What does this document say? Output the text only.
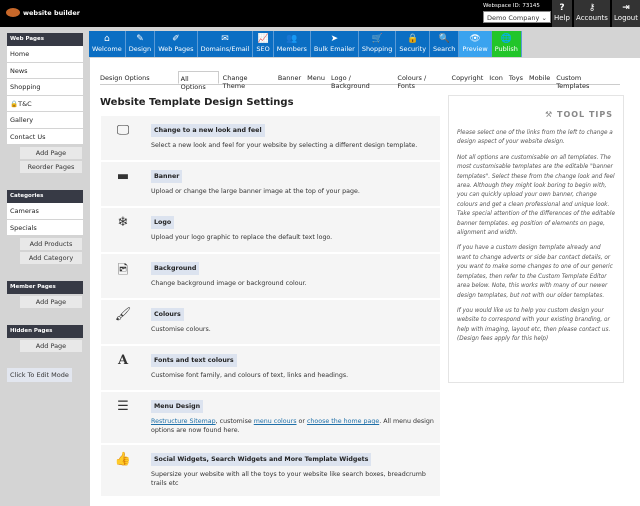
website builder
Webspace ID: 73145
Demo Company ⌄
?
Help
⚷
Accounts
⇥
Logout
⌂
Welcome
✎
Design
✐
Web Pages
✉
Domains/Email
📈
SEO
👥
Members
➤
Bulk Emailer
🛒
Shopping
🔒
Security
🔍
Search
👁
Preview
🌐
Publish
Web Pages
Home
News
Shopping
🔒T&C
Gallery
Contact Us
Add Page
Reorder Pages
Categories
Cameras
Specials
Add Products
Add Category
Member Pages
Add Page
Hidden Pages
Add Page
Click To Edit Mode
Design Options	All Options
Change Theme
Banner Menu Logo / Background
Colours / Fonts
Copyright Icon Toys Mobile Custom Templates
Website Template Design Settings
🖵	Change to a new look and feel
Select a new look and feel for your website by selecting a different design template.
▬	Banner
Upload or change the large banner image at the top of your page.
❄	Logo
Upload your logo graphic to replace the default text logo.
🖻	Background
Change background image or background colour.
🖌	Colours
Customise colours.
A	Fonts and text colours
Customise font family, and colours of text, links and headings.
☰	Menu Design
Restructure Sitemap, customise menu colours or choose the home page. All menu design options are now found here.
👍	Social Widgets, Search Widgets and More Template Widgets
Supersize your website with all the toys to your website like search boxes, breadcrumb trails etc
⚒ TOOL TIPS

Please select one of the links from the left to change a design aspect of your website design.

Not all options are customisable on all templates. The most customisable templates are the editable "banner templates". Select these from the change look and feel area. Although they might look boring to begin with, you can quickly upload your own banner, change colours and get a clean professional and unique look. Take special attention of the differences of the editable banner templates. eg position of elements on page, alignment and width.

If you have a custom design template already and want to change adverts or side bar contact details, or you want to make some changes to one of our generic templates, then refer to the Custom Template Editor area below. Note, this works with many of our newer design templates, but not with our older templates.

If you would like us to help you custom design your website to correspond with your existing branding, or help with imaging, layout etc, then please contact us. (Design fees apply for this help)
